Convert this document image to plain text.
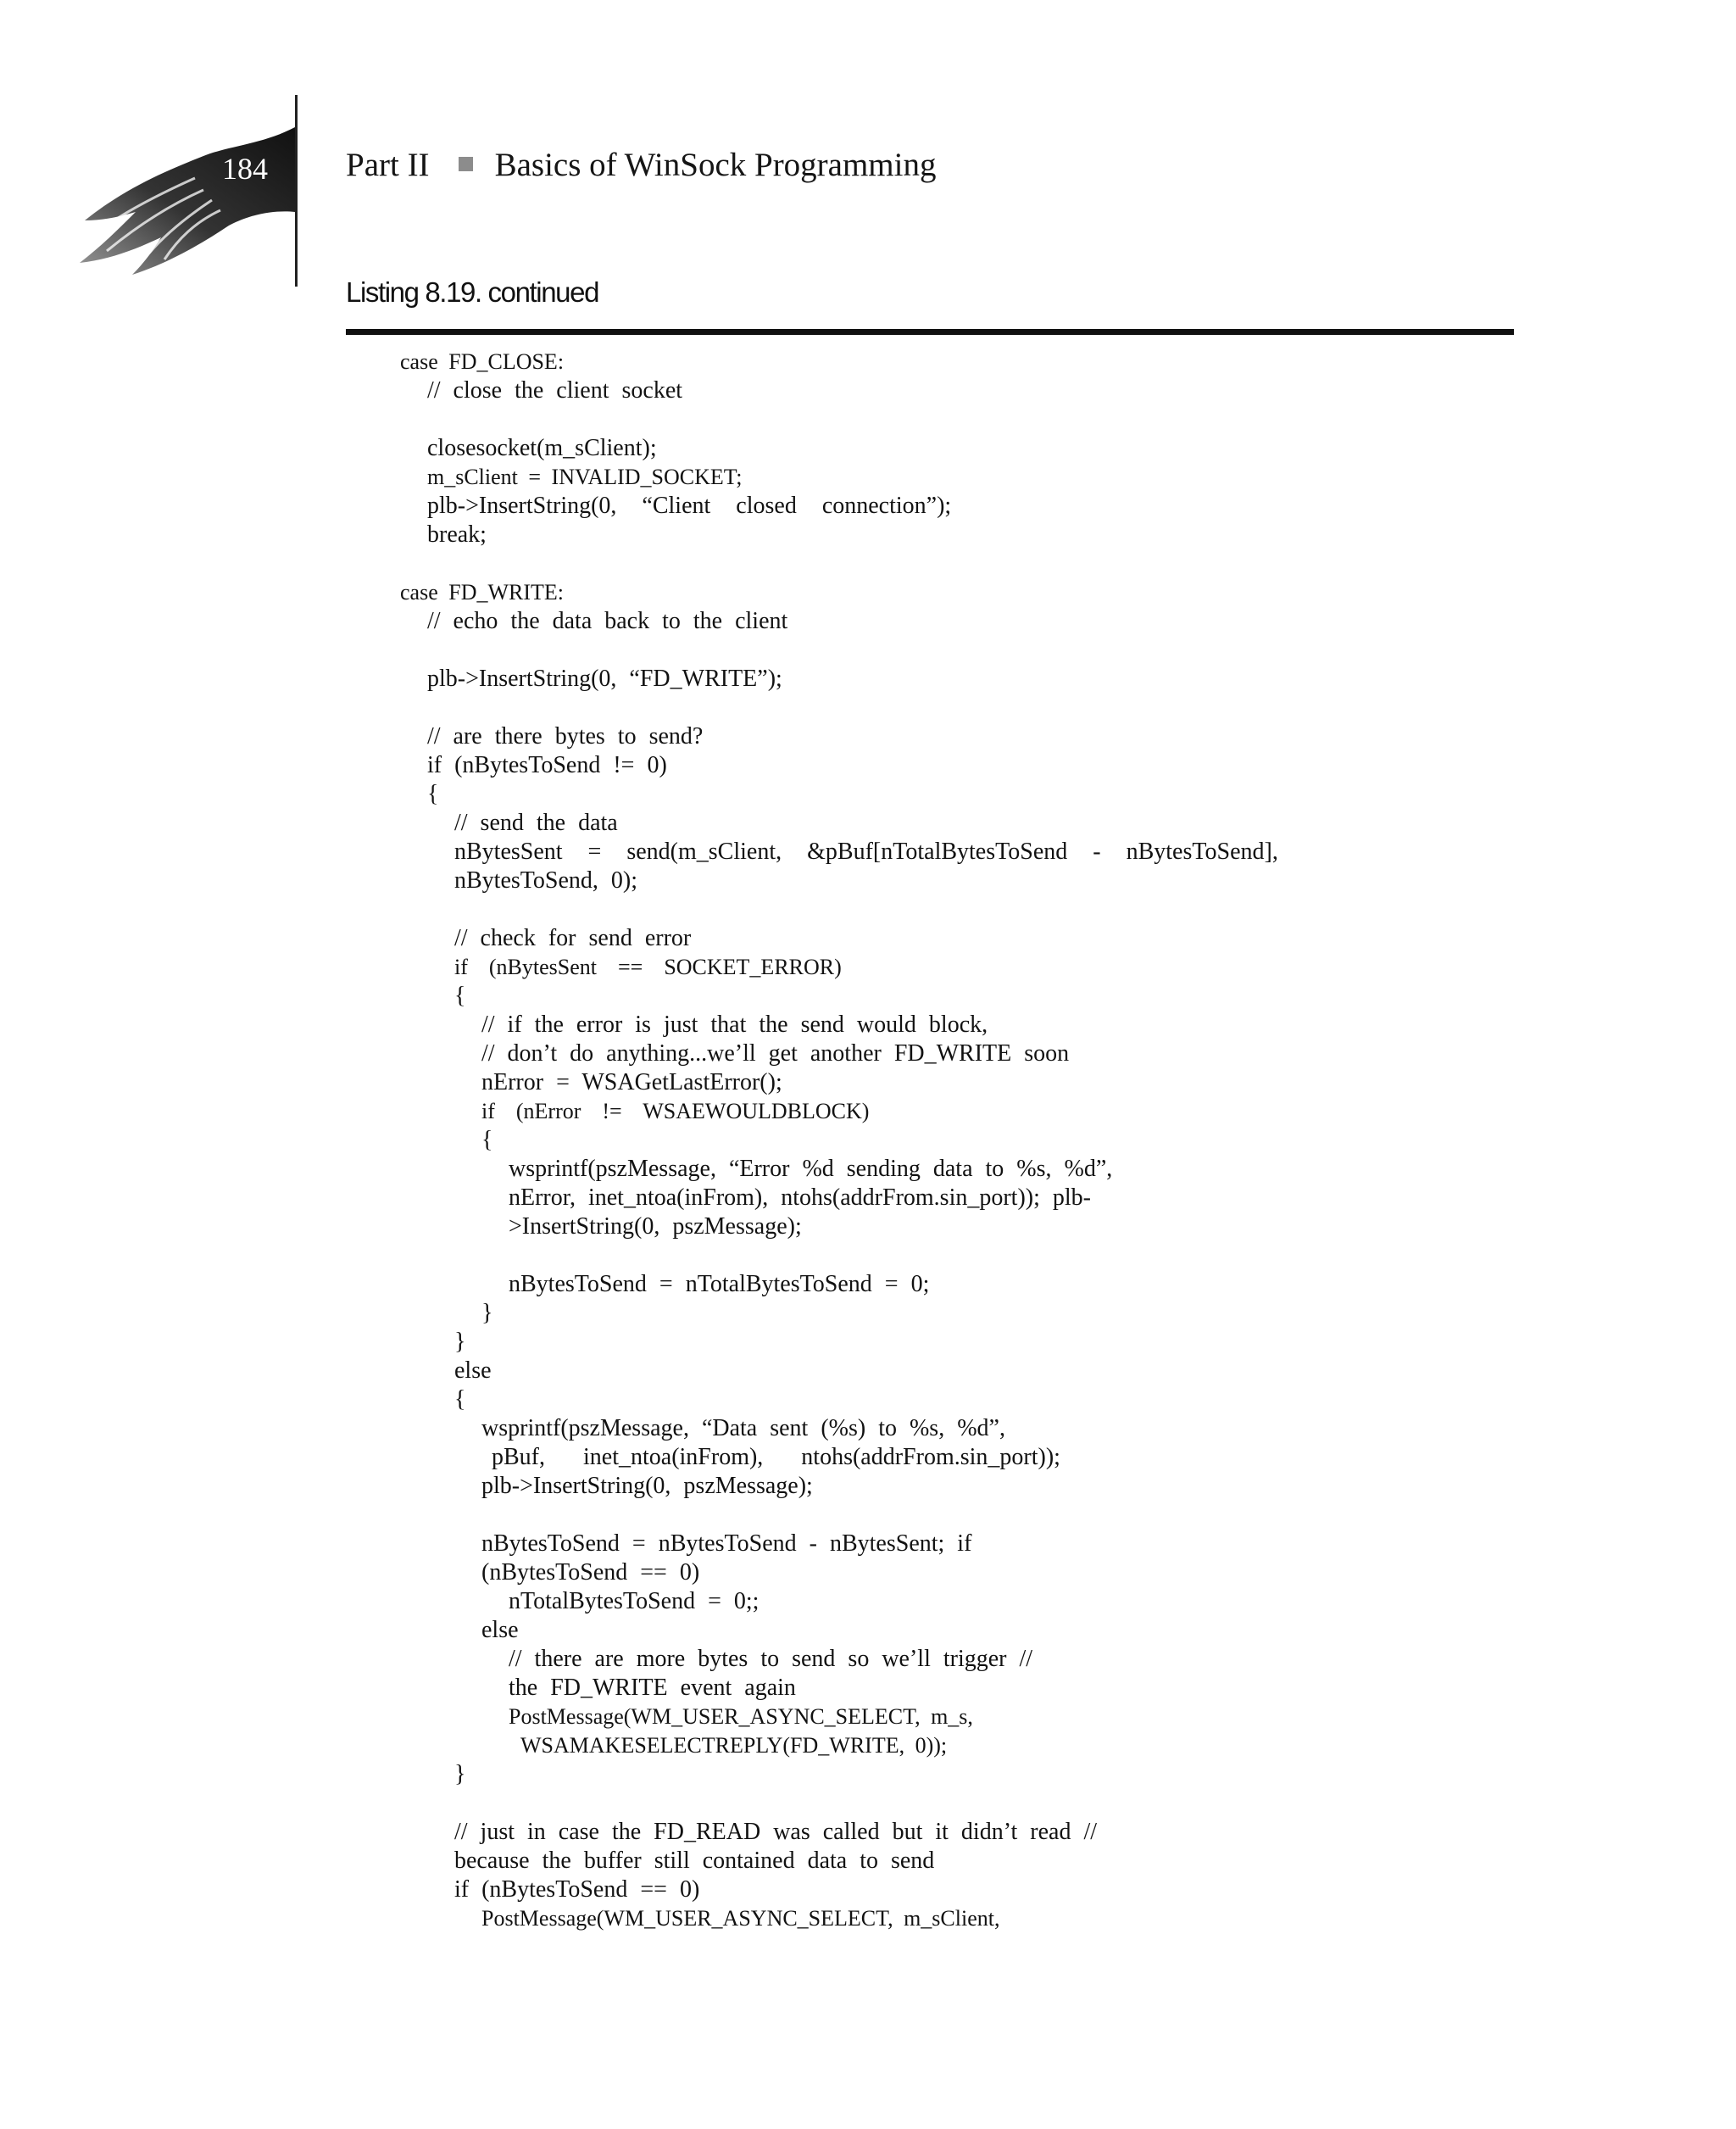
184	Part II Basics of WinSock Programming
Listing 8.19. continued
case FD_CLOSE:
// close the client socket
closesocket(m_sClient);
m_sClient = INVALID_SOCKET;
plb->InsertString(0,  “Client  closed  connection”);
break;
case FD_WRITE:
// echo the data back to the client
plb->InsertString(0, “FD_WRITE”);
// are there bytes to send?
if (nBytesToSend != 0)
{
// send the data
nBytesSent  =  send(m_sClient,  &pBuf[nTotalBytesToSend  -  nBytesToSend],
nBytesToSend, 0);
// check for send error
if  (nBytesSent  ==  SOCKET_ERROR)
{
// if the error is just that the send would block,
// don’t do anything...we’ll get another FD_WRITE soon
nError = WSAGetLastError();
if  (nError  !=  WSAEWOULDBLOCK)
{
wsprintf(pszMessage, “Error %d sending data to %s, %d”,
nError, inet_ntoa(inFrom), ntohs(addrFrom.sin_port)); plb-
>InsertString(0, pszMessage);
nBytesToSend = nTotalBytesToSend = 0;
}
}
else
{
wsprintf(pszMessage, “Data sent (%s) to %s, %d”,
pBuf,   inet_ntoa(inFrom),   ntohs(addrFrom.sin_port));
plb->InsertString(0, pszMessage);
nBytesToSend = nBytesToSend - nBytesSent; if
(nBytesToSend == 0)
nTotalBytesToSend = 0;;
else
// there are more bytes to send so we’ll trigger //
the FD_WRITE event again
PostMessage(WM_USER_ASYNC_SELECT, m_s,
WSAMAKESELECTREPLY(FD_WRITE, 0));
}
// just in case the FD_READ was called but it didn’t read //
because the buffer still contained data to send
if (nBytesToSend == 0)
PostMessage(WM_USER_ASYNC_SELECT, m_sClient,
